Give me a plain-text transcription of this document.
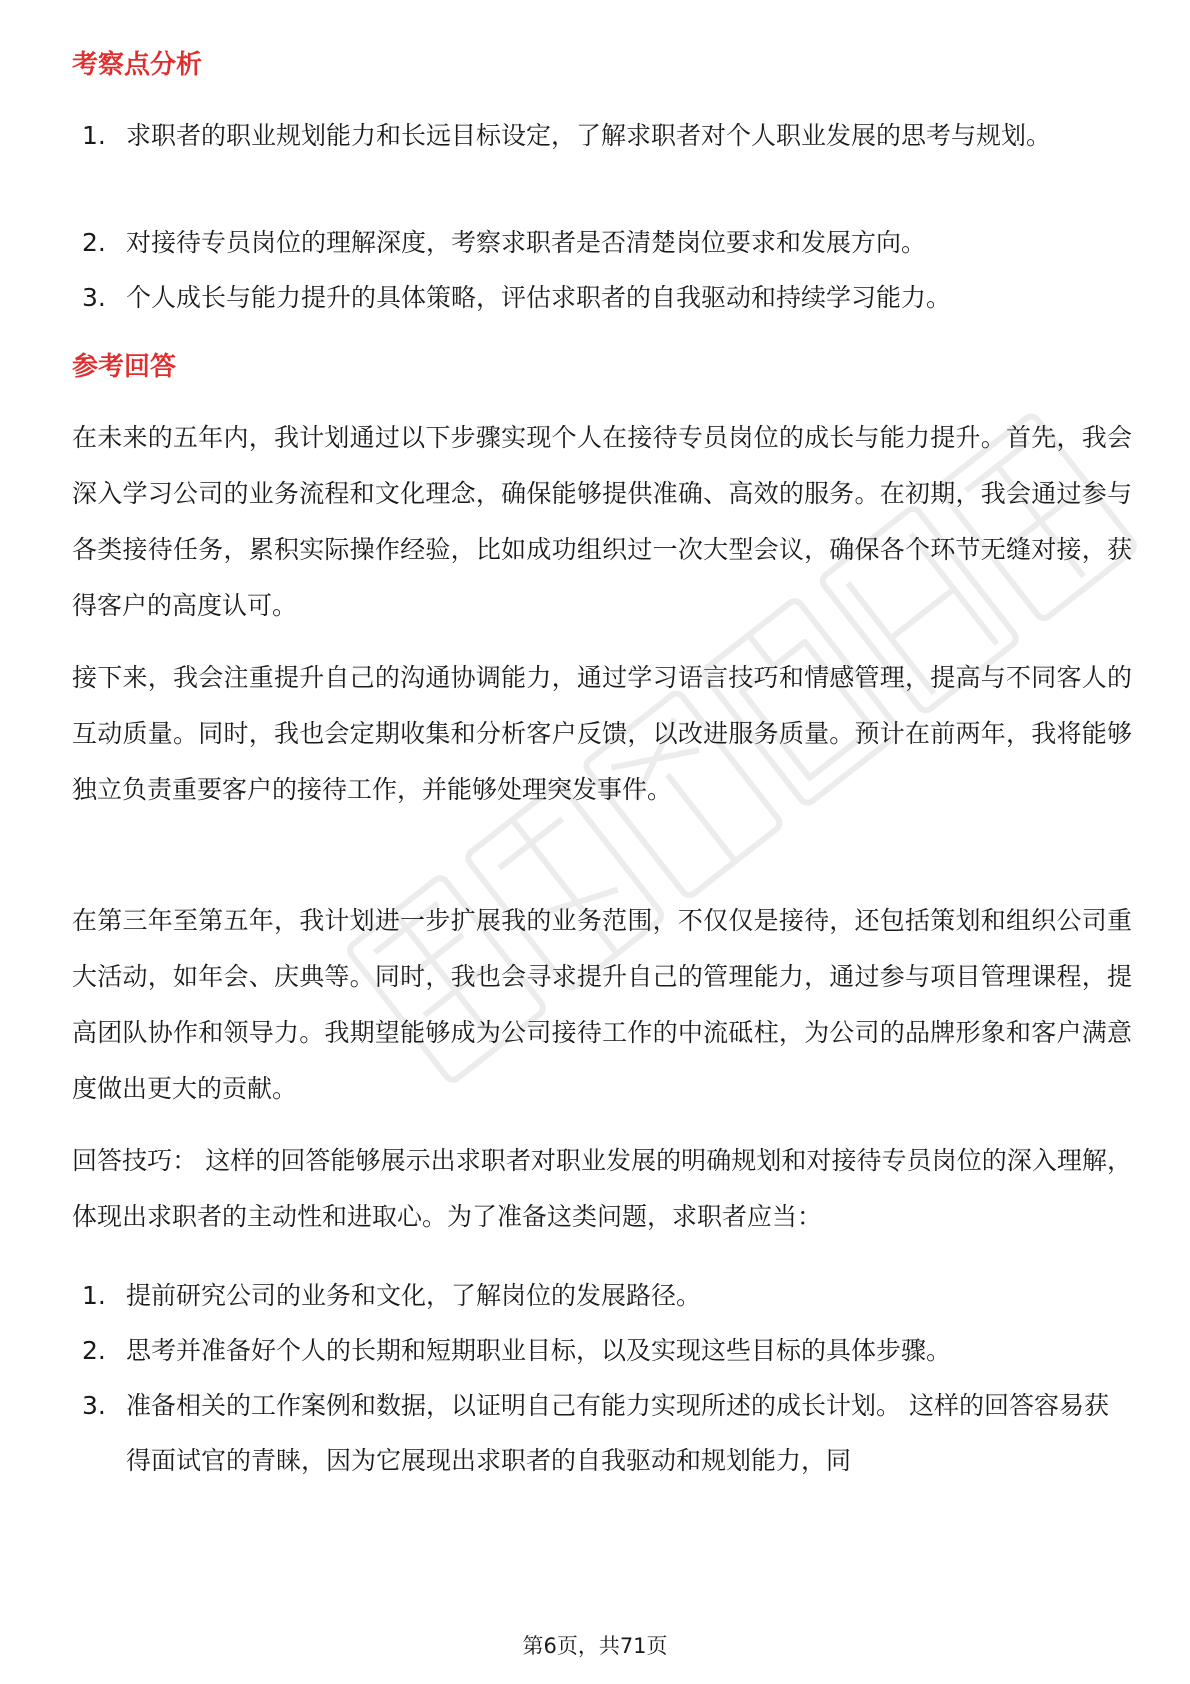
考察点分析
1. 求职者的职业规划能力和长远目标设定，了解求职者对个人职业发展的思考与规划。
2. 对接待专员岗位的理解深度，考察求职者是否清楚岗位要求和发展方向。
3. 个人成长与能力提升的具体策略，评估求职者的自我驱动和持续学习能力。
参考回答

在未来的五年内，我计划通过以下步骤实现个人在接待专员岗位的成长与能力提升。首先，我会深入学习公司的业务流程和文化理念，确保能够提供准确、高效的服务。在初期，我会通过参与各类接待任务，累积实际操作经验，比如成功组织过一次大型会议，确保各个环节无缝对接，获得客户的高度认可。

接下来，我会注重提升自己的沟通协调能力，通过学习语言技巧和情感管理，提高与不同客人的互动质量。同时，我也会定期收集和分析客户反馈，以改进服务质量。预计在前两年，我将能够独立负责重要客户的接待工作，并能够处理突发事件。

在第三年至第五年，我计划进一步扩展我的业务范围，不仅仅是接待，还包括策划和组织公司重大活动，如年会、庆典等。同时，我也会寻求提升自己的管理能力，通过参与项目管理课程，提高团队协作和领导力。我期望能够成为公司接待工作的中流砥柱，为公司的品牌形象和客户满意度做出更大的贡献。

回答技巧： 这样的回答能够展示出求职者对职业发展的明确规划和对接待专员岗位的深入理解，体现出求职者的主动性和进取心。为了准备这类问题，求职者应当：

1. 提前研究公司的业务和文化，了解岗位的发展路径。
2. 思考并准备好个人的长期和短期职业目标，以及实现这些目标的具体步骤。
3. 准备相关的工作案例和数据，以证明自己有能力实现所述的成长计划。 这样的回答容易获得面试官的青睐，因为它展现出求职者的自我驱动和规划能力，同
第6页，共71页
